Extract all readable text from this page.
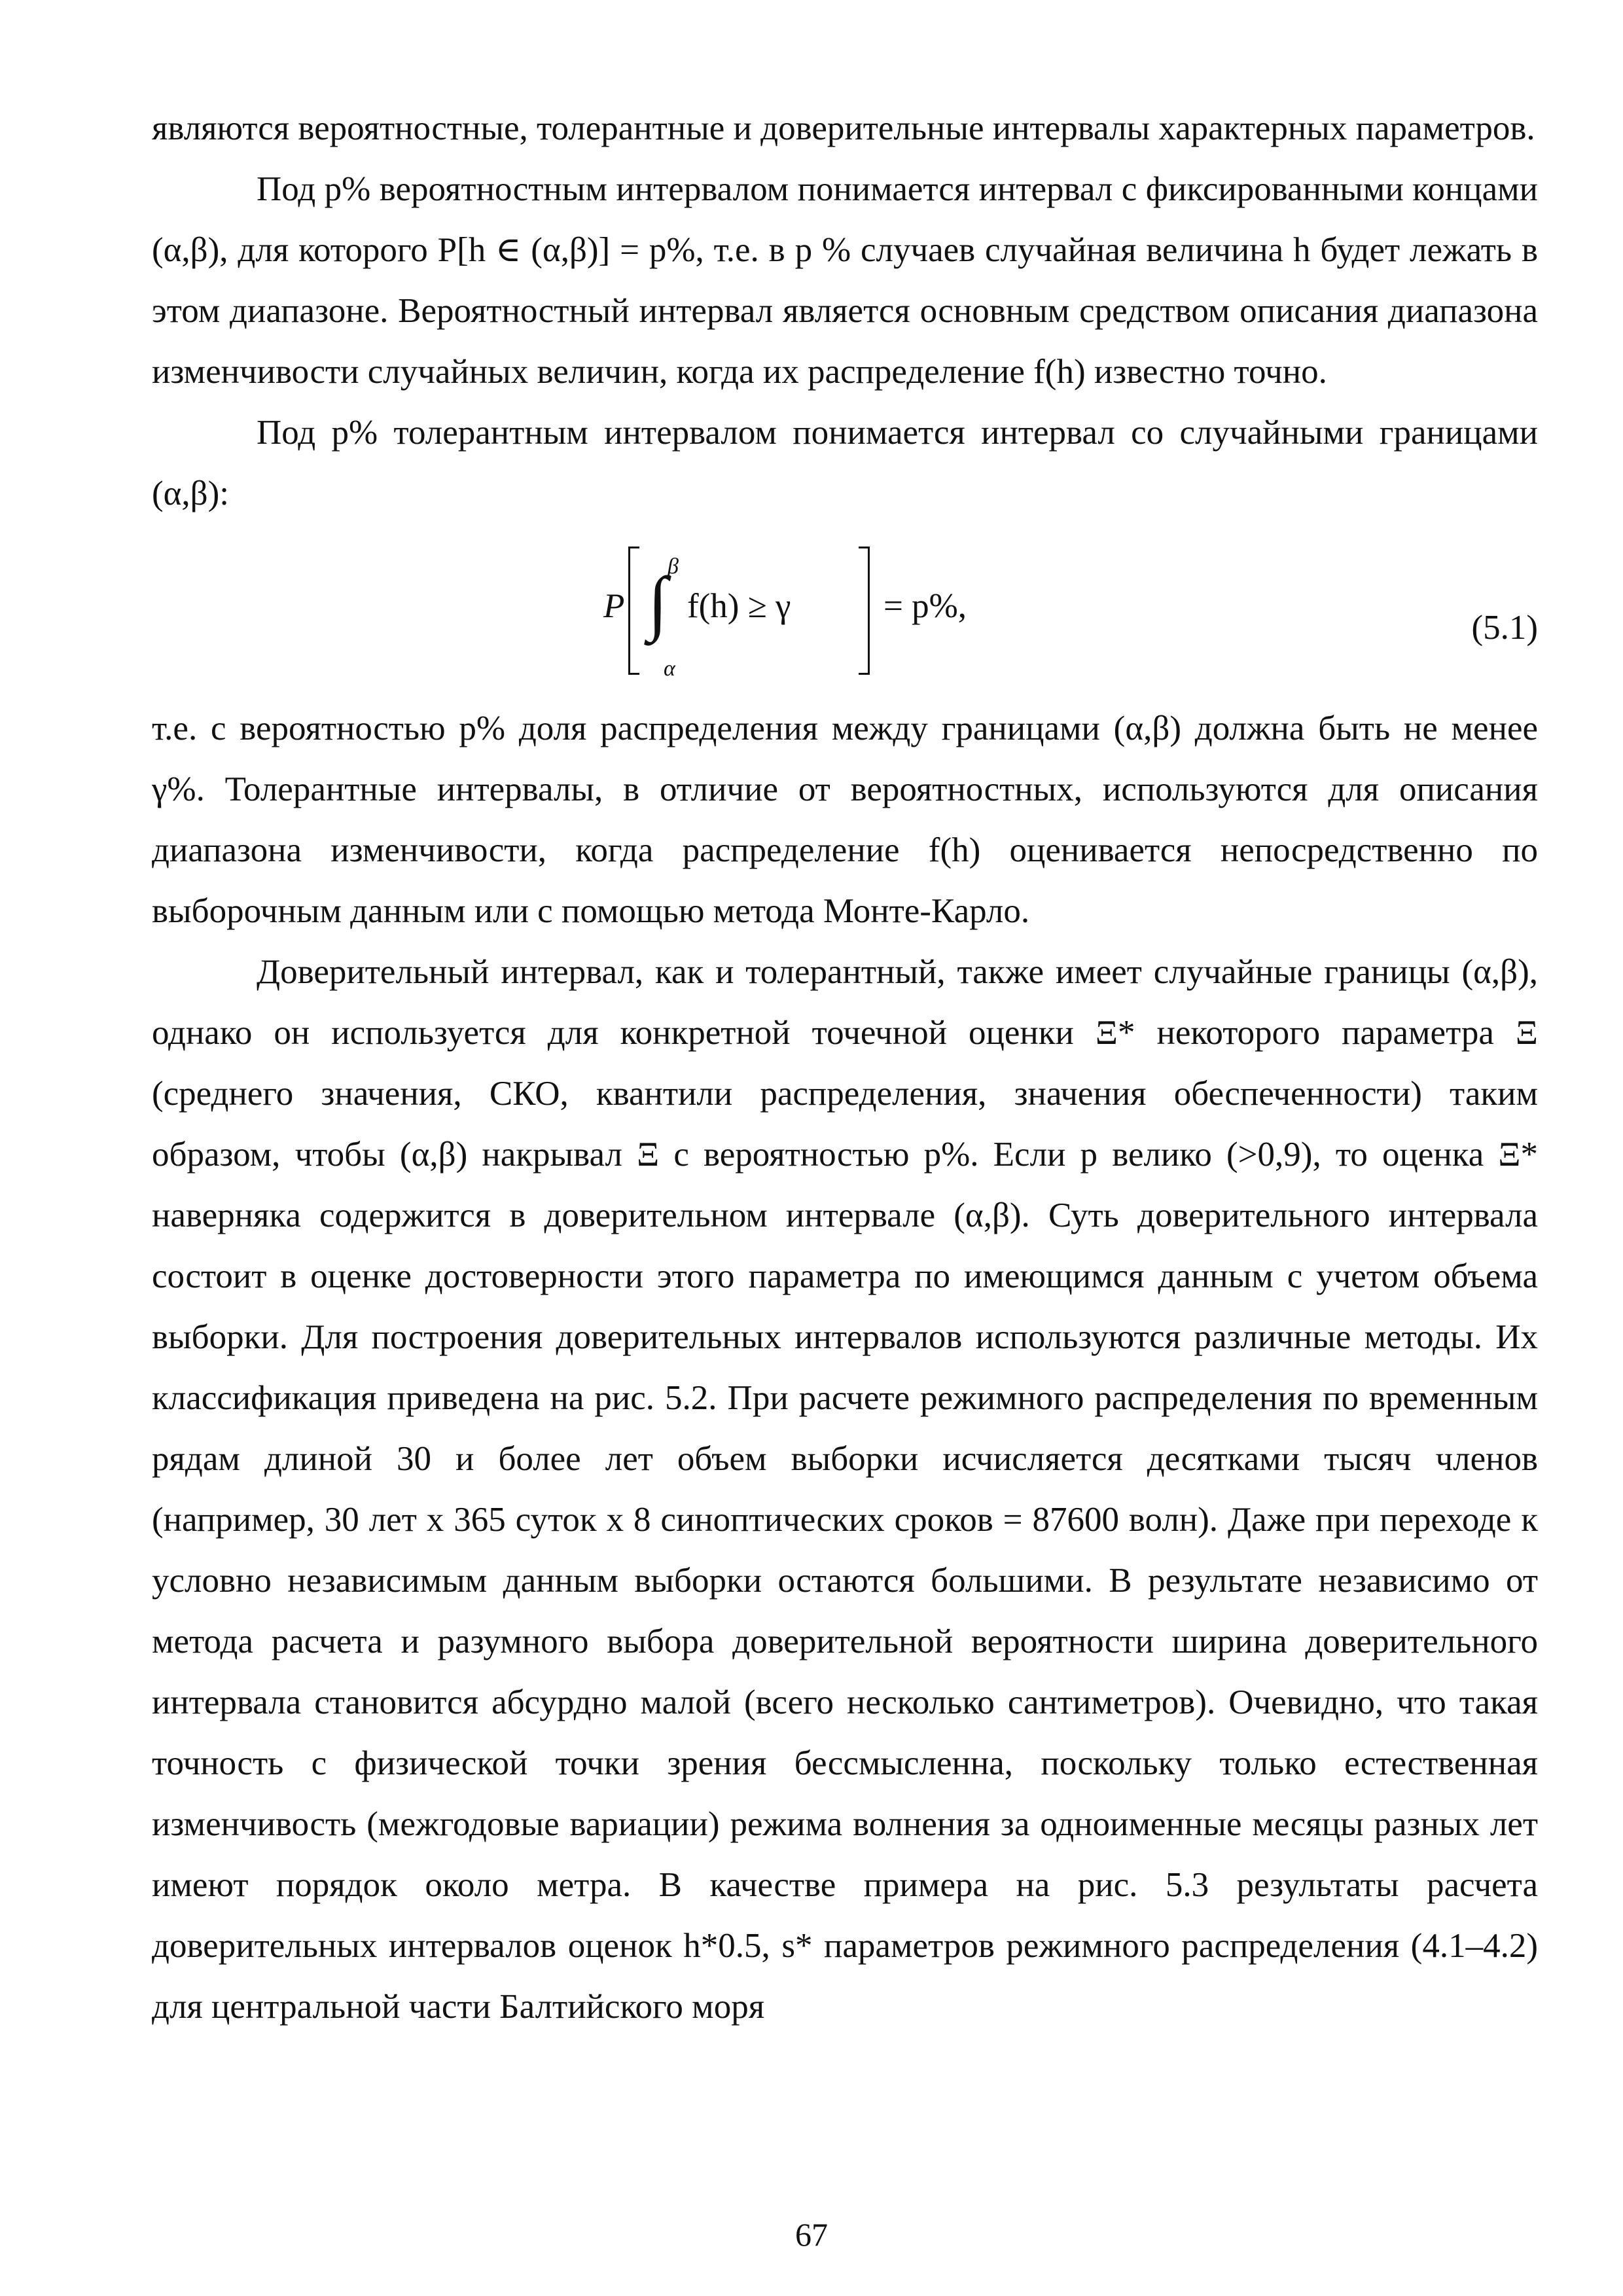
являются вероятностные, толерантные и доверительные интервалы характерных параметров.

Под p% вероятностным интервалом понимается интервал с фиксированными концами (α,β), для которого P[h ∈ (α,β)] = p%, т.е. в p % случаев случайная величина h будет лежать в этом диапазоне. Вероятностный интервал является основным средством описания диапазона изменчивости случайных величин, когда их распределение f(h) известно точно.

Под p% толерантным интервалом понимается интервал со случайными границами (α,β):

P
β
∫
α
f(h) ≥ γ	= p%,
(5.1)

т.е. с вероятностью p% доля распределения между границами (α,β) должна быть не менее γ%. Толерантные интервалы, в отличие от вероятностных, используются для описания диапазона изменчивости, когда распределение f(h) оценивается непосредственно по выборочным данным или с помощью метода Монте-Карло.

Доверительный интервал, как и толерантный, также имеет случайные границы (α,β), однако он используется для конкретной точечной оценки Ξ* некоторого параметра Ξ (среднего значения, СКО, квантили распределения, значения обеспеченности) таким образом, чтобы (α,β) накрывал Ξ с вероятностью p%. Если p велико (>0,9), то оценка Ξ* наверняка содержится в доверительном интервале (α,β). Суть доверительного интервала состоит в оценке достоверности этого параметра по имеющимся данным с учетом объема выборки. Для построения доверительных интервалов используются различные методы. Их классификация приведена на рис. 5.2. При расчете режимного распределения по временным рядам длиной 30 и более лет объем выборки исчисляется десятками тысяч членов (например, 30 лет x 365 суток x 8 синоптических сроков = 87600 волн). Даже при переходе к условно независимым данным выборки остаются большими. В результате независимо от метода расчета и разумного выбора доверительной вероятности ширина доверительного интервала становится абсурдно малой (всего несколько сантиметров). Очевидно, что такая точность с физической точки зрения бессмысленна, поскольку только естественная изменчивость (межгодовые вариации) режима волнения за одноименные месяцы разных лет имеют порядок около метра. В качестве примера на рис. 5.3 результаты расчета доверительных интервалов оценок h*0.5, s* параметров режимного распределения (4.1–4.2) для центральной части Балтийского моря

67
